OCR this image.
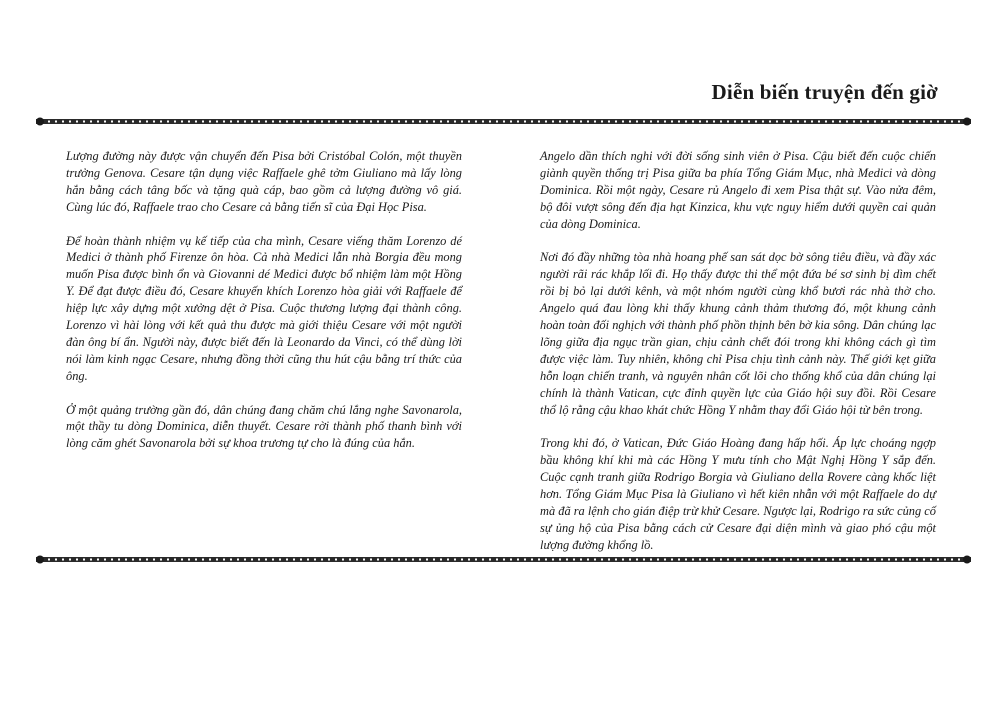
Diễn biến truyện đến giờ

Lượng đường này được vận chuyển đến Pisa bởi Cristóbal Colón, một thuyền trưởng Genova. Cesare tận dụng việc Raffaele ghê tởm Giuliano mà lấy lòng hắn bằng cách tâng bốc và tặng quà cáp, bao gồm cả lượng đường vô giá. Cùng lúc đó, Raffaele trao cho Cesare cả bằng tiến sĩ của Đại Học Pisa.

Để hoàn thành nhiệm vụ kế tiếp của cha mình, Cesare viếng thăm Lorenzo dé Medici ở thành phố Firenze ôn hòa. Cả nhà Medici lẫn nhà Borgia đều mong muốn Pisa được bình ổn và Giovanni dé Medici được bổ nhiệm làm một Hồng Y. Để đạt được điều đó, Cesare khuyến khích Lorenzo hòa giải với Raffaele để hiệp lực xây dựng một xưởng dệt ở Pisa. Cuộc thương lượng đại thành công. Lorenzo vì hài lòng với kết quả thu được mà giới thiệu Cesare với một người đàn ông bí ẩn. Người này, được biết đến là Leonardo da Vinci, có thể dùng lời nói làm kinh ngạc Cesare, nhưng đồng thời cũng thu hút cậu bằng trí thức của ông.

Ở một quảng trường gần đó, dân chúng đang chăm chú lắng nghe Savonarola, một thầy tu dòng Dominica, diễn thuyết. Cesare rời thành phố thanh bình với lòng căm ghét Savonarola bởi sự khoa trương tự cho là đúng của hắn.

Angelo dần thích nghi với đời sống sinh viên ở Pisa. Cậu biết đến cuộc chiến giành quyền thống trị Pisa giữa ba phía Tổng Giám Mục, nhà Medici và dòng Dominica. Rồi một ngày, Cesare rủ Angelo đi xem Pisa thật sự. Vào nửa đêm, bộ đôi vượt sông đến địa hạt Kinzica, khu vực nguy hiểm dưới quyền cai quản của dòng Dominica.

Nơi đó đầy những tòa nhà hoang phế san sát dọc bờ sông tiêu điều, và đầy xác người rãi rác khắp lối đi. Họ thấy được thi thể một đứa bé sơ sinh bị dìm chết rồi bị bỏ lại dưới kênh, và một nhóm người cùng khổ bươi rác nhà thờ cho. Angelo quá đau lòng khi thấy khung cảnh thảm thương đó, một khung cảnh hoàn toàn đối nghịch với thành phố phồn thịnh bên bờ kia sông. Dân chúng lạc lõng giữa địa ngục trần gian, chịu cảnh chết đói trong khi không cách gì tìm được việc làm. Tuy nhiên, không chỉ Pisa chịu tình cảnh này. Thế giới kẹt giữa hỗn loạn chiến tranh, và nguyên nhân cốt lõi cho thống khổ của dân chúng lại chính là thành Vatican, cực đỉnh quyền lực của Giáo hội suy đồi. Rồi Cesare thổ lộ rằng cậu khao khát chức Hồng Y nhằm thay đổi Giáo hội từ bên trong.

Trong khi đó, ở Vatican, Đức Giáo Hoàng đang hấp hối. Áp lực choáng ngợp bầu không khí khi mà các Hồng Y mưu tính cho Mật Nghị Hồng Y sắp đến. Cuộc cạnh tranh giữa Rodrigo Borgia và Giuliano della Rovere càng khốc liệt hơn. Tổng Giám Mục Pisa là Giuliano vì hết kiên nhẫn với một Raffaele do dự mà đã ra lệnh cho gián điệp trừ khử Cesare. Ngược lại, Rodrigo ra sức củng cố sự ủng hộ của Pisa bằng cách cử Cesare đại diện mình và giao phó cậu một lượng đường khổng lồ.
